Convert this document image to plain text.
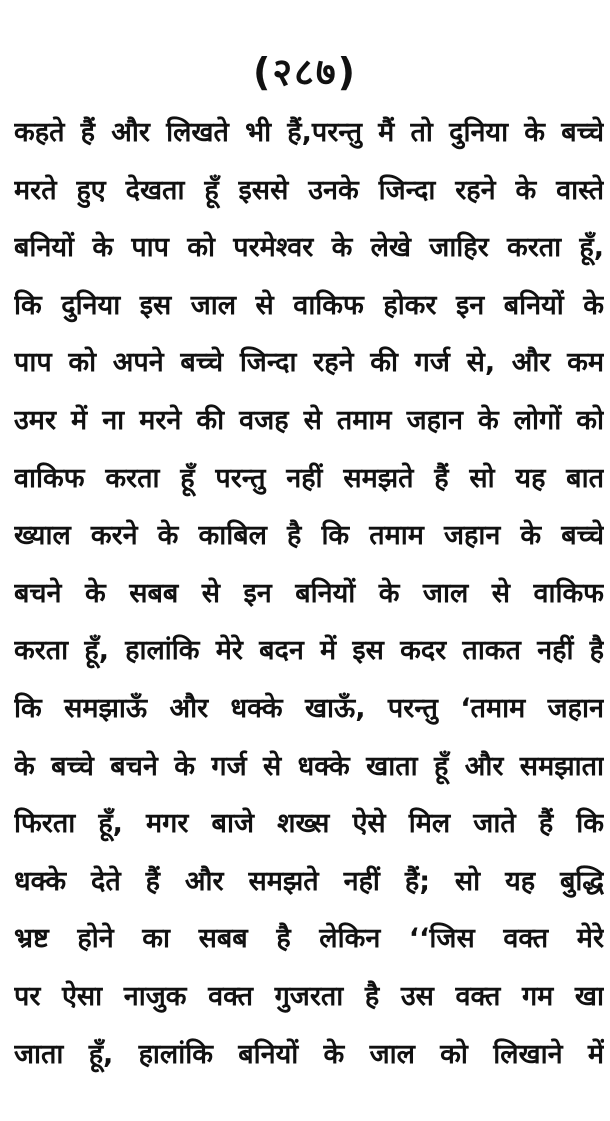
(२८७)
कहते हैं और लिखते भी हैं,परन्तु मैं तो दुनिया के बच्चे
मरते हुए देखता हूँ इससे उनके जिन्दा रहने के वास्ते
बनियों के पाप को परमेश्वर के लेखे जाहिर करता हूँ,
कि दुनिया इस जाल से वाकिफ होकर इन बनियों के
पाप को अपने बच्चे जिन्दा रहने की गर्ज से, और कम
उमर में ना मरने की वजह से तमाम जहान के लोगों को
वाकिफ करता हूँ परन्तु नहीं समझते हैं सो यह बात
ख्याल करने के काबिल है कि तमाम जहान के बच्चे
बचने के सबब से इन बनियों के जाल से वाकिफ
करता हूँ, हालांकि मेरे बदन में इस कदर ताकत नहीं है
कि समझाऊँ और धक्के खाऊँ, परन्तु ‘तमाम जहान
के बच्चे बचने के गर्ज से धक्के खाता हूँ और समझाता
फिरता हूँ, मगर बाजे शख्स ऐसे मिल जाते हैं कि
धक्के देते हैं और समझते नहीं हैं; सो यह बुद्धि
भ्रष्ट होने का सबब है लेकिन ‘‘जिस वक्त मेरे
पर ऐसा नाजुक वक्त गुजरता है उस वक्त गम खा
जाता हूँ, हालांकि बनियों के जाल को लिखाने में
